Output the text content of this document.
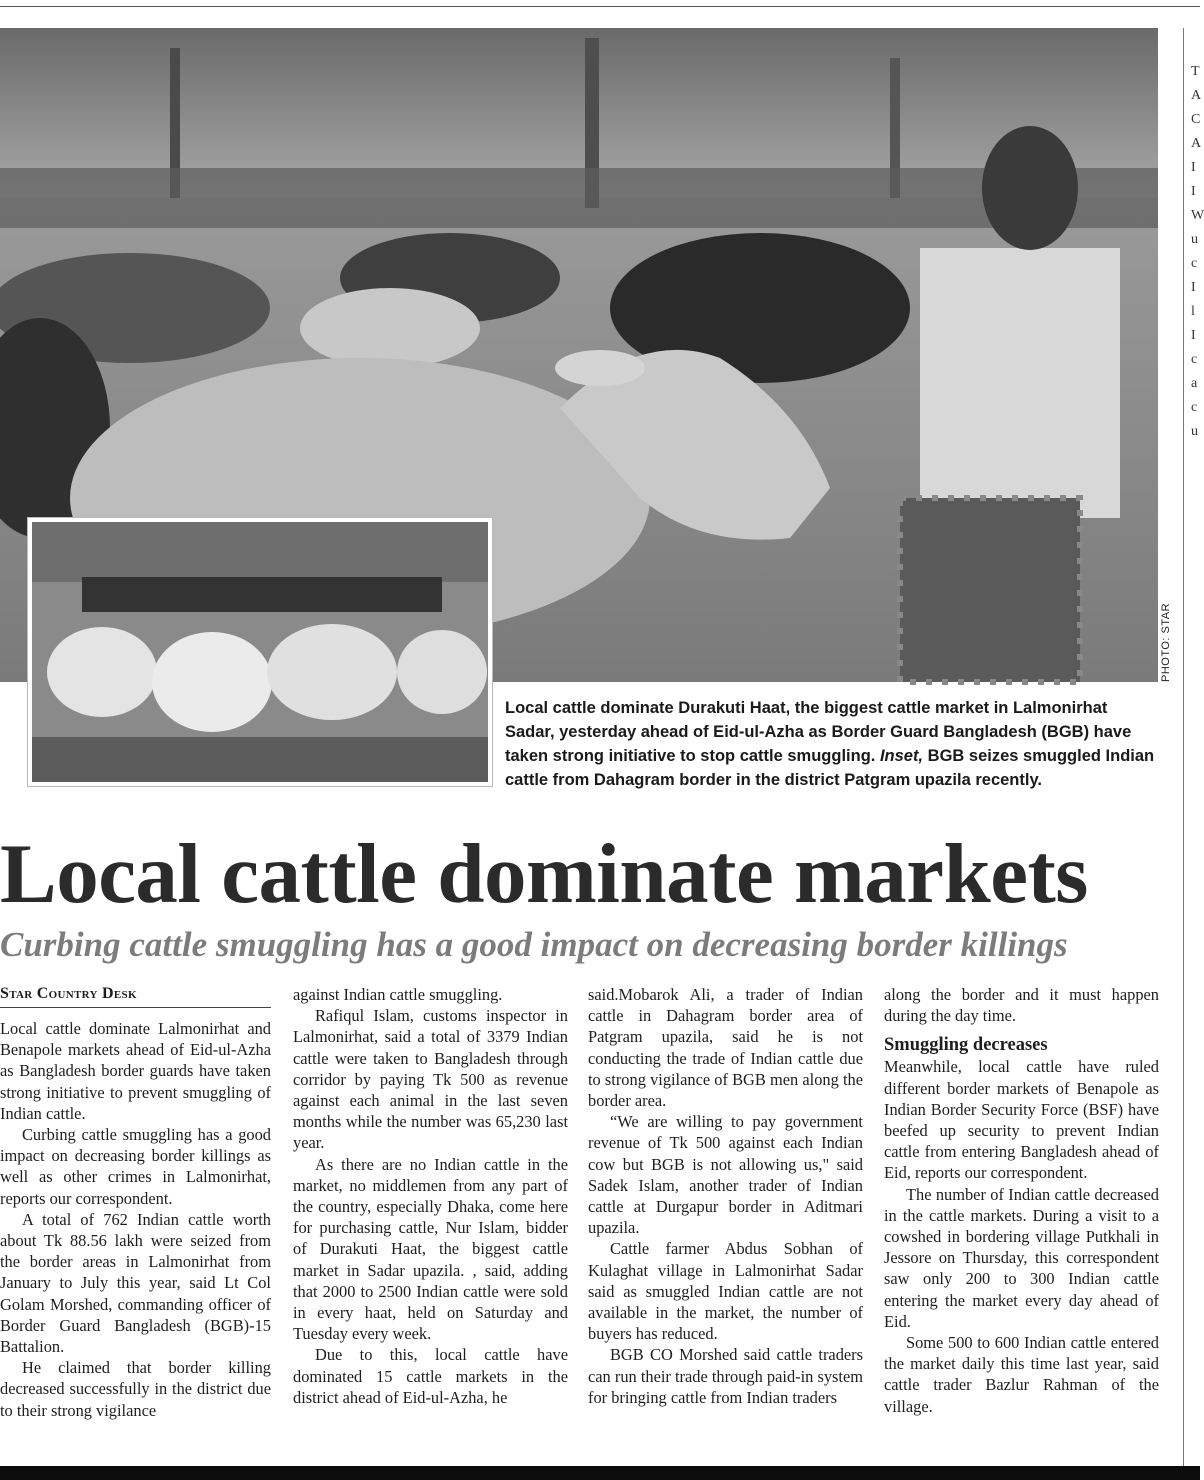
PHOTO: STAR
Local cattle dominate Durakuti Haat, the biggest cattle market in Lalmonirhat Sadar, yesterday ahead of Eid-ul-Azha as Border Guard Bangladesh (BGB) have taken strong initiative to stop cattle smuggling. Inset, BGB seizes smuggled Indian cattle from Dahagram border in the district Patgram upazila recently.
Local cattle dominate markets
Curbing cattle smuggling has a good impact on decreasing border killings
Star Country Desk

Local cattle dominate Lalmonirhat and Benapole markets ahead of Eid-ul-Azha as Bangladesh border guards have taken strong initiative to prevent smuggling of Indian cattle.

Curbing cattle smuggling has a good impact on decreasing border killings as well as other crimes in Lalmonirhat, reports our correspondent.

A total of 762 Indian cattle worth about Tk 88.56 lakh were seized from the border areas in Lalmonirhat from January to July this year, said Lt Col Golam Morshed, commanding officer of Border Guard Bangladesh (BGB)-15 Battalion.

He claimed that border killing decreased successfully in the district due to their strong vigilance

against Indian cattle smuggling.

Rafiqul Islam, customs inspector in Lalmonirhat, said a total of 3379 Indian cattle were taken to Bangladesh through corridor by paying Tk 500 as revenue against each animal in the last seven months while the number was 65,230 last year.

As there are no Indian cattle in the market, no middlemen from any part of the country, especially Dhaka, come here for purchasing cattle, Nur Islam, bidder of Durakuti Haat, the biggest cattle market in Sadar upazila. , said, adding that 2000 to 2500 Indian cattle were sold in every haat, held on Saturday and Tuesday every week.

Due to this, local cattle have dominated 15 cattle markets in the district ahead of Eid-ul-Azha, he

said.Mobarok Ali, a trader of Indian cattle in Dahagram border area of Patgram upazila, said he is not conducting the trade of Indian cattle due to strong vigilance of BGB men along the border area.

“We are willing to pay government revenue of Tk 500 against each Indian cow but BGB is not allowing us," said Sadek Islam, another trader of Indian cattle at Durgapur border in Aditmari upazila.

Cattle farmer Abdus Sobhan of Kulaghat village in Lalmonirhat Sadar said as smuggled Indian cattle are not available in the market, the number of buyers has reduced.

BGB CO Morshed said cattle traders can run their trade through paid-in system for bringing cattle from Indian traders

along the border and it must happen during the day time.

Smuggling decreases

Meanwhile, local cattle have ruled different border markets of Benapole as Indian Border Security Force (BSF) have beefed up security to prevent Indian cattle from entering Bangladesh ahead of Eid, reports our correspondent.

The number of Indian cattle decreased in the cattle markets. During a visit to a cowshed in bordering village Putkhali in Jessore on Thursday, this correspondent saw only 200 to 300 Indian cattle entering the market every day ahead of Eid.

Some 500 to 600 Indian cattle entered the market daily this time last year, said cattle trader Bazlur Rahman of the village.

T
A
C
A
I
I
W
u
c
I
l
I
c
a
c
u
